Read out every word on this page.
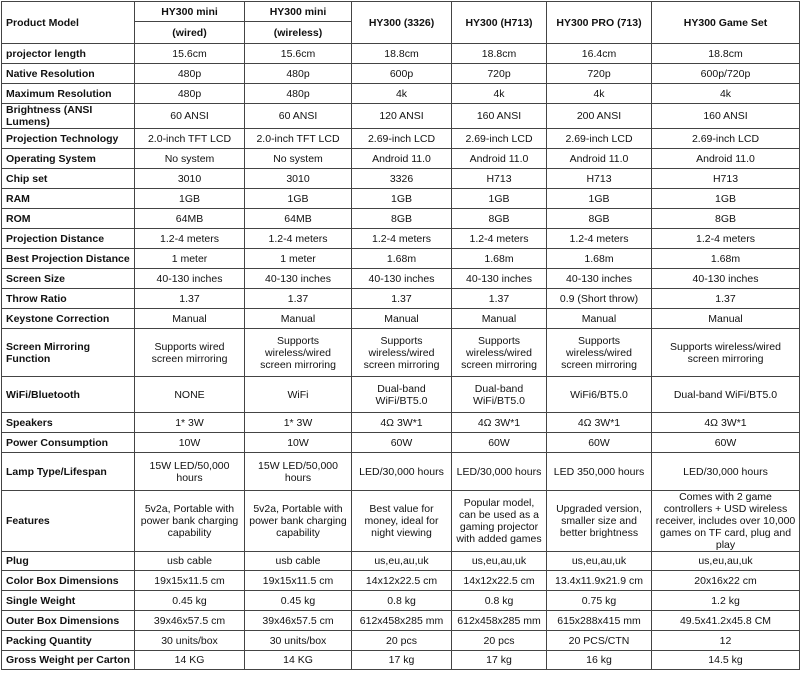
Product Model	HY300 mini	HY300 mini	HY300 (3326)	HY300 (H713)	HY300 PRO (713)	HY300 Game Set
	(wired)	(wireless)				
projector length	15.6cm	15.6cm	18.8cm	18.8cm	16.4cm	18.8cm
Native Resolution	480p	480p	600p	720p	720p	600p/720p
Maximum Resolution	480p	480p	4k	4k	4k	4k
Brightness (ANSI Lumens)	60 ANSI	60 ANSI	120 ANSI	160 ANSI	200 ANSI	160 ANSI
Projection Technology	2.0-inch TFT LCD	2.0-inch TFT LCD	2.69-inch LCD	2.69-inch LCD	2.69-inch LCD	2.69-inch LCD
Operating System	No system	No system	Android 11.0	Android 11.0	Android 11.0	Android 11.0
Chip set	3010	3010	3326	H713	H713	H713
RAM	1GB	1GB	1GB	1GB	1GB	1GB
ROM	64MB	64MB	8GB	8GB	8GB	8GB
Projection Distance	1.2-4 meters	1.2-4 meters	1.2-4 meters	1.2-4 meters	1.2-4 meters	1.2-4 meters
Best Projection Distance	1 meter	1 meter	1.68m	1.68m	1.68m	1.68m
Screen Size	40-130 inches	40-130 inches	40-130 inches	40-130 inches	40-130 inches	40-130 inches
Throw Ratio	1.37	1.37	1.37	1.37	0.9 (Short throw)	1.37
Keystone Correction	Manual	Manual	Manual	Manual	Manual	Manual
Screen Mirroring Function	Supports wired screen mirroring	Supports wireless/wired screen mirroring	Supports wireless/wired screen mirroring	Supports wireless/wired screen mirroring	Supports wireless/wired screen mirroring	Supports wireless/wired screen mirroring
WiFi/Bluetooth	NONE	WiFi	Dual-band WiFi/BT5.0	Dual-band WiFi/BT5.0	WiFi6/BT5.0	Dual-band WiFi/BT5.0
Speakers	1* 3W	1* 3W	4Ω 3W*1	4Ω 3W*1	4Ω 3W*1	4Ω 3W*1
Power Consumption	10W	10W	60W	60W	60W	60W
Lamp Type/Lifespan	15W LED/50,000 hours	15W LED/50,000 hours	LED/30,000 hours	LED/30,000 hours	LED 350,000 hours	LED/30,000 hours
Features	5v2a, Portable with power bank charging capability	5v2a, Portable with power bank charging capability	Best value for money, ideal for night viewing	Popular model, can be used as a gaming projector with added games	Upgraded version, smaller size and better brightness	Comes with 2 game controllers + USD wireless receiver, includes over 10,000 games on TF card, plug and play
Plug	usb cable	usb cable	us,eu,au,uk	us,eu,au,uk	us,eu,au,uk	us,eu,au,uk
Color Box Dimensions	19x15x11.5 cm	19x15x11.5 cm	14x12x22.5 cm	14x12x22.5 cm	13.4x11.9x21.9 cm	20x16x22 cm
Single Weight	0.45 kg	0.45 kg	0.8 kg	0.8 kg	0.75 kg	1.2 kg
Outer Box Dimensions	39x46x57.5 cm	39x46x57.5 cm	612x458x285 mm	612x458x285 mm	615x288x415 mm	49.5x41.2x45.8 CM
Packing Quantity	30 units/box	30 units/box	20 pcs	20 pcs	20 PCS/CTN	12
Gross Weight per Carton	14 KG	14 KG	17 kg	17 kg	16 kg	14.5 kg
